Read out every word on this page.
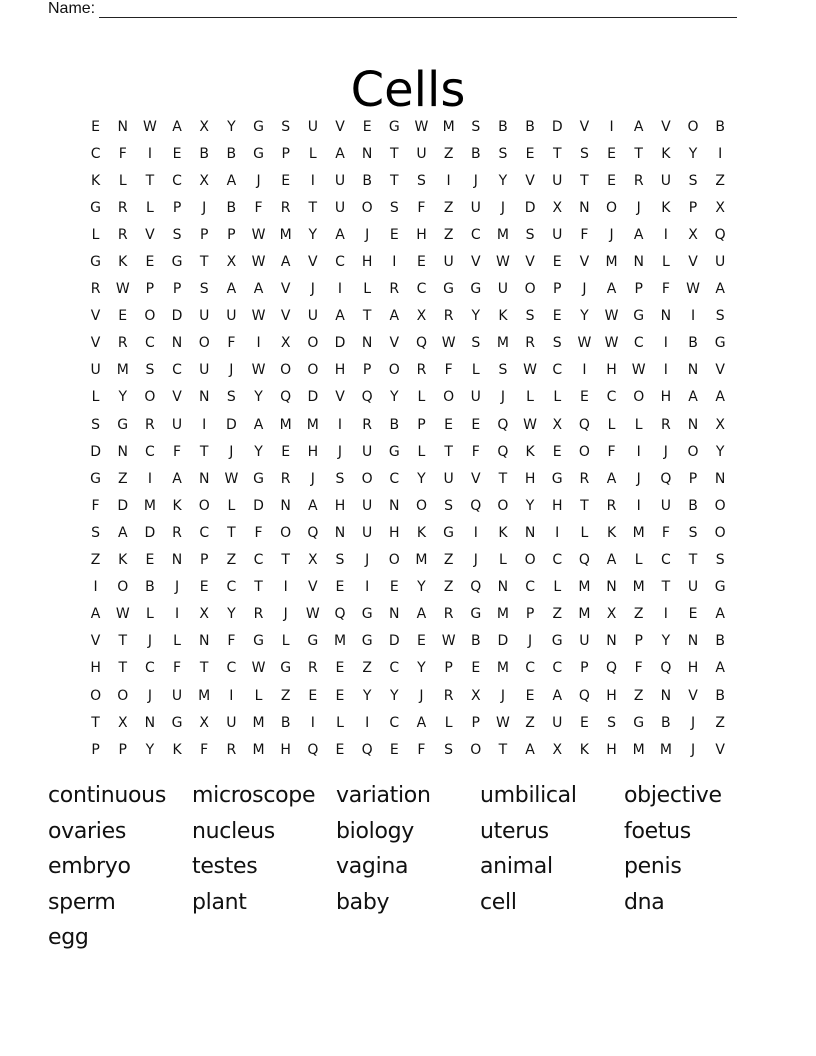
Name:
Cells
E	N	W	A	X	Y	G	S	U	V	E	G	W	M	S	B	B	D	V	I	A	V	O	B
C	F	I	E	B	B	G	P	L	A	N	T	U	Z	B	S	E	T	S	E	T	K	Y	I
K	L	T	C	X	A	J	E	I	U	B	T	S	I	J	Y	V	U	T	E	R	U	S	Z
G	R	L	P	J	B	F	R	T	U	O	S	F	Z	U	J	D	X	N	O	J	K	P	X
L	R	V	S	P	P	W	M	Y	A	J	E	H	Z	C	M	S	U	F	J	A	I	X	Q
G	K	E	G	T	X	W	A	V	C	H	I	E	U	V	W	V	E	V	M	N	L	V	U
R	W	P	P	S	A	A	V	J	I	L	R	C	G	G	U	O	P	J	A	P	F	W	A
V	E	O	D	U	U	W	V	U	A	T	A	X	R	Y	K	S	E	Y	W	G	N	I	S
V	R	C	N	O	F	I	X	O	D	N	V	Q	W	S	M	R	S	W W	C	I	B	G
U	M	S	C	U	J	W	O	O	H	P	O	R	F	L	S	W	C	I	H	W	I	N	V
L	Y	O	V	N	S	Y	Q	D	V	Q	Y	L	O	U	J	L	L	E	C	O	H	A	A
S	G	R	U	I	D	A	M	M	I	R	B	P	E	E	Q	W	X	Q	L	L	R	N	X
D	N	C	F	T	J	Y	E	H	J	U	G	L	T	F	Q	K	E	O	F	I	J	O	Y
G	Z	I	A	N	W	G	R	J	S	O	C	Y	U	V	T	H	G	R	A	J	Q	P	N
F	D	M	K	O	L	D	N	A	H	U	N	O	S	Q	O	Y	H	T	R	I	U	B	O
S	A	D	R	C	T	F	O	Q	N	U	H	K	G	I	K	N	I	L	K	M	F	S	O
Z	K	E	N	P	Z	C	T	X	S	J	O	M	Z	J	L	O	C	Q	A	L	C	T	S
I	O	B	J	E	C	T	I	V	E	I	E	Y	Z	Q	N	C	L	M	N	M	T	U	G
A	W	L	I	X	Y	R	J	W	Q	G	N	A	R	G	M	P	Z	M	X	Z	I	E	A
V	T	J	L	N	F	G	L	G	M	G	D	E	W	B	D	J	G	U	N	P	Y	N	B
H	T	C	F	T	C	W	G	R	E	Z	C	Y	P	E	M	C	C	P	Q	F	Q	H	A
O	O	J	U	M	I	L	Z	E	E	Y	Y	J	R	X	J	E	A	Q	H	Z	N	V	B
T	X	N	G	X	U	M	B	I	L	I	C	A	L	P	W	Z	U	E	S	G	B	J	Z
P	P	Y	K	F	R	M	H	Q	E	Q	E	F	S	O	T	A	X	K	H	M	M	J	V
continuous	microscope variation	umbilical	objective
ovaries	nucleus	biology	uterus	foetus
embryo	testes	vagina	animal	penis
sperm	plant	baby	cell	dna
egg
